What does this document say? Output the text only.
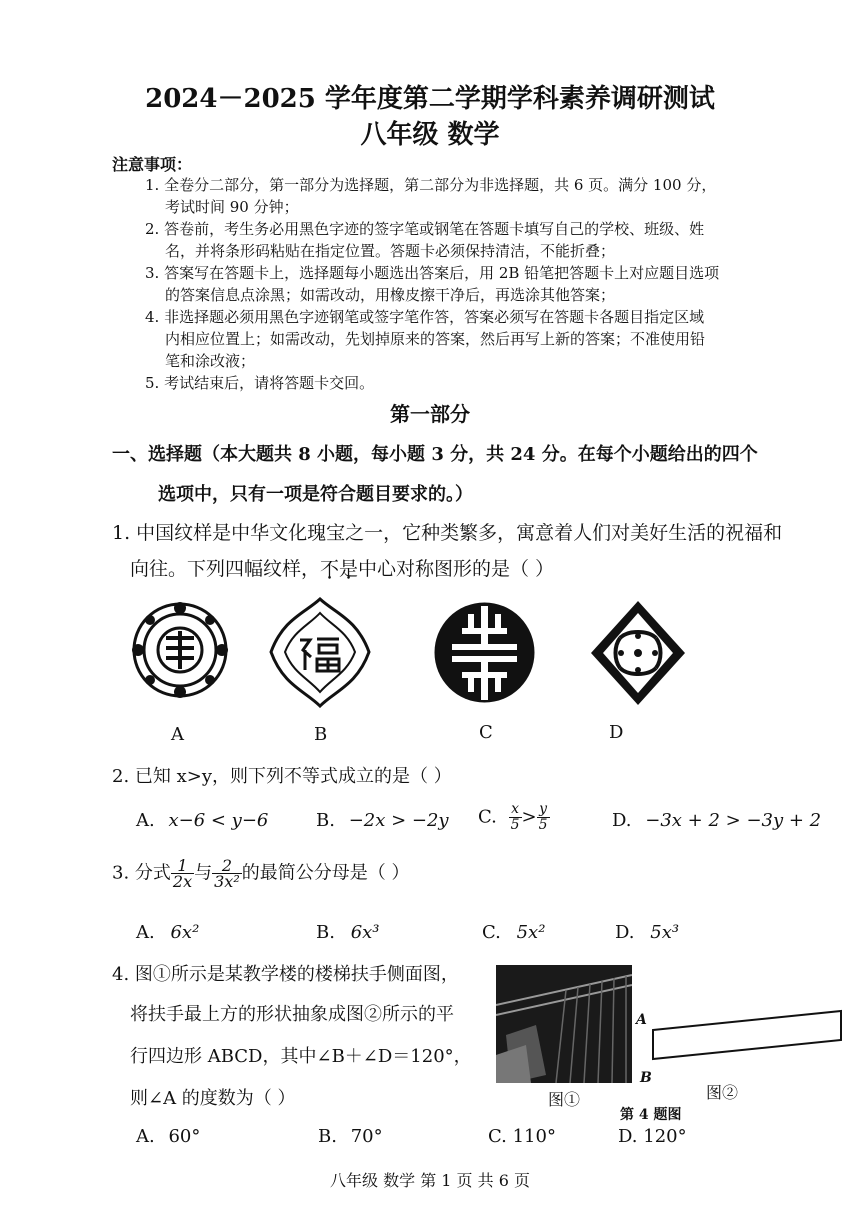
2024－2025 学年度第二学期学科素养调研测试
八年级 数学
注意事项：
1. 全卷分二部分，第一部分为选择题，第二部分为非选择题，共 6 页。满分 100 分，
考试时间 90 分钟；
2. 答卷前，考生务必用黑色字迹的签字笔或钢笔在答题卡填写自己的学校、班级、姓
名，并将条形码粘贴在指定位置。答题卡必须保持清洁，不能折叠；
3. 答案写在答题卡上，选择题每小题选出答案后，用 2B 铅笔把答题卡上对应题目选项
的答案信息点涂黑；如需改动，用橡皮擦干净后，再选涂其他答案；
4. 非选择题必须用黑色字迹钢笔或签字笔作答，答案必须写在答题卡各题目指定区域
内相应位置上；如需改动，先划掉原来的答案，然后再写上新的答案；不准使用铅
笔和涂改液；
5. 考试结束后，请将答题卡交回。
第一部分
一、选择题（本大题共 8 小题，每小题 3 分，共 24 分。在每个小题给出的四个
选项中，只有一项是符合题目要求的。）
1. 中国纹样是中华文化瑰宝之一，它种类繁多，寓意着人们对美好生活的祝福和
向往。下列四幅纹样，不是中心对称图形的是（ ）
A	B	C	D
2. 已知 x>y，则下列不等式成立的是（ ）
A. x−6 < y−6	B. −2x > −2y C. $\frac{x}{5} > \frac{y}{5}$	D. −3x + 2 > −3y + 2
3. 分式 $\frac{1}{2x}$ 与 $\frac{2}{\text{3x²}}$ 的最简公分母是（ ）
A. 6x²	B. 6x³	C. 5x²	D. 5x³
4. 图①所示是某教学楼的楼梯扶手侧面图，
将扶手最上方的形状抽象成图②所示的平
行四边形 ABCD，其中∠B＋∠D＝120°，
则∠A 的度数为（ ）	图①
第 4 题图
A
B
图②
A. 60°	B. 70°	C. 110°	D. 120°
八年级 数学 第 1 页 共 6 页
